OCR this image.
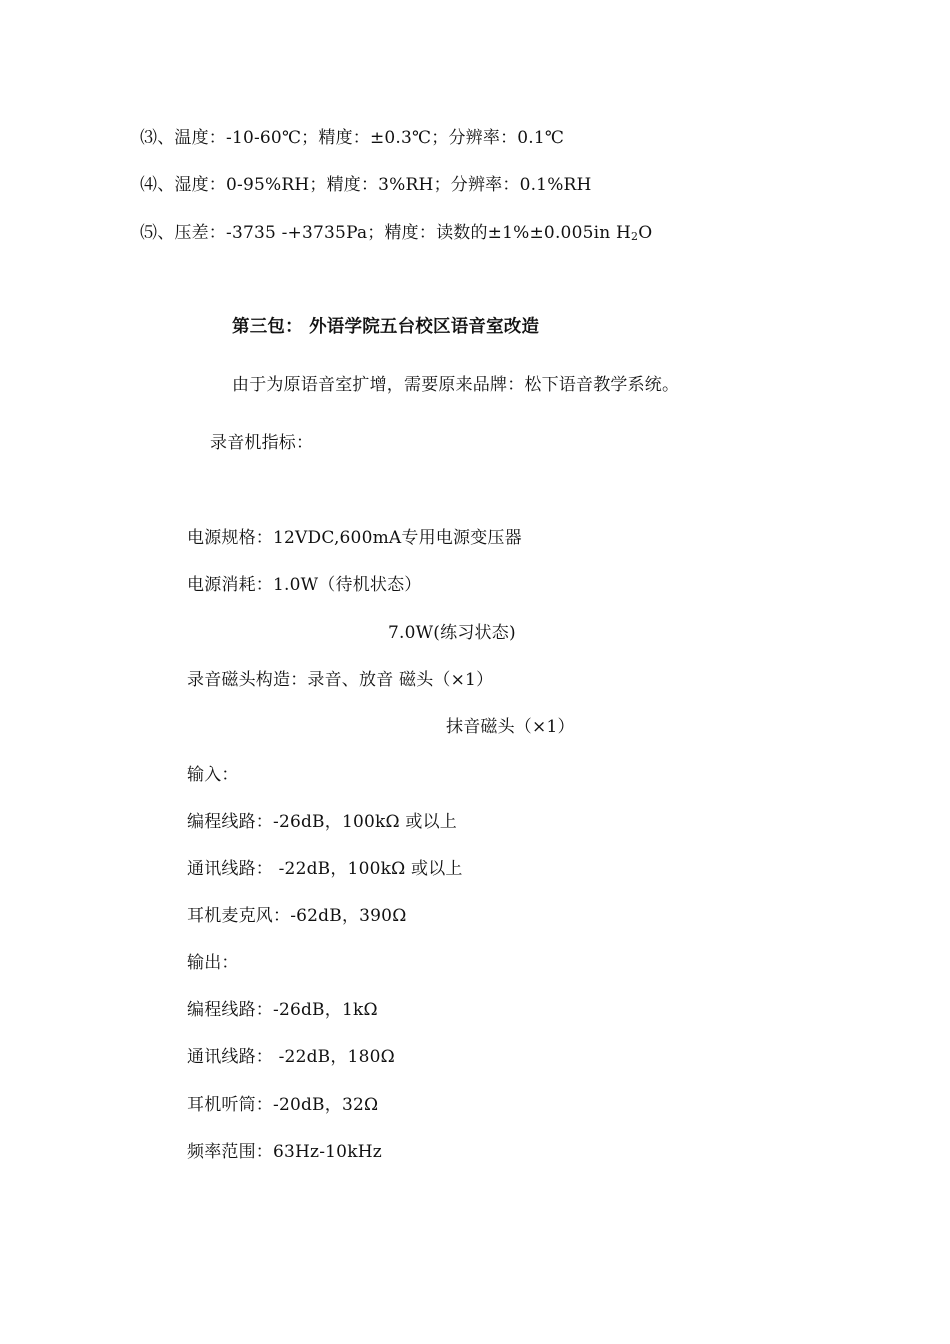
⑶、温度：-10-60℃；精度：±0.3℃；分辨率：0.1℃
⑷、湿度：0-95%RH；精度：3%RH；分辨率：0.1%RH
⑸、压差：-3735 -+3735Pa；精度：读数的±1%±0.005in $H_2O$
第三包： 外语学院五台校区语音室改造
由于为原语音室扩增，需要原来品牌：松下语音教学系统。
录音机指标：
电源规格：12VDC,600mA专用电源变压器
电源消耗：1.0W（待机状态）
7.0W(练习状态)
录音磁头构造：录音、放音 磁头（×1）
抹音磁头（×1）
输入：
编程线路：-26dB，100kΩ 或以上
通讯线路： -22dB，100kΩ 或以上
耳机麦克风：-62dB，390Ω
输出：
编程线路：-26dB，1kΩ
通讯线路： -22dB，180Ω
耳机听筒：-20dB，32Ω
频率范围：63Hz-10kHz
